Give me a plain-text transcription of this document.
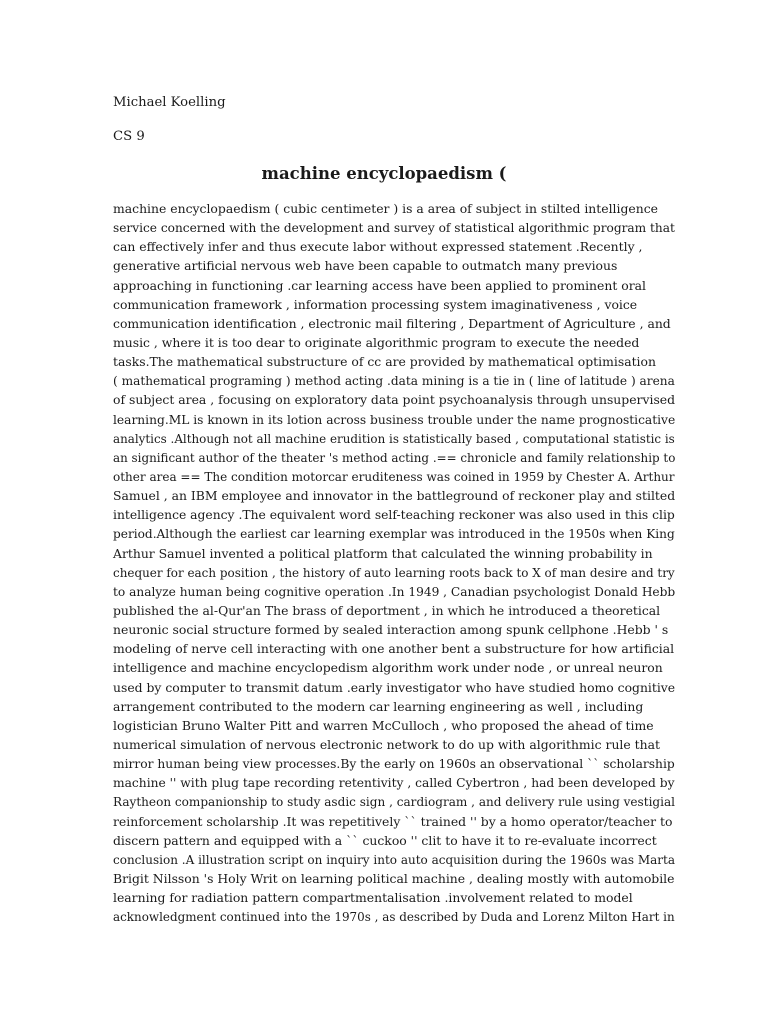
Michael Koelling
CS 9
machine encyclopaedism (
machine encyclopaedism ( cubic centimeter ) is a area of subject in stilted intelligence
service concerned with the development and survey of statistical algorithmic program that
can effectively infer and thus execute labor without expressed statement .Recently ,
generative artificial nervous web have been capable to outmatch many previous
approaching in functioning .car learning access have been applied to prominent oral
communication framework , information processing system imaginativeness , voice
communication identification , electronic mail filtering , Department of Agriculture , and
music , where it is too dear to originate algorithmic program to execute the needed
tasks.The mathematical substructure of cc are provided by mathematical optimisation
( mathematical programing ) method acting .data mining is a tie in ( line of latitude ) arena
of subject area , focusing on exploratory data point psychoanalysis through unsupervised
learning.ML is known in its lotion across business trouble under the name prognosticative
analytics .Although not all machine erudition is statistically based , computational statistic is
an significant author of the theater 's method acting .== chronicle and family relationship to
other area == The condition motorcar eruditeness was coined in 1959 by Chester A. Arthur
Samuel , an IBM employee and innovator in the battleground of reckoner play and stilted
intelligence agency .The equivalent word self-teaching reckoner was also used in this clip
period.Although the earliest car learning exemplar was introduced in the 1950s when King
Arthur Samuel invented a political platform that calculated the winning probability in
chequer for each position , the history of auto learning roots back to X of man desire and try
to analyze human being cognitive operation .In 1949 , Canadian psychologist Donald Hebb
published the al-Qur'an The brass of deportment , in which he introduced a theoretical
neuronic social structure formed by sealed interaction among spunk cellphone .Hebb ' s
modeling of nerve cell interacting with one another bent a substructure for how artificial
intelligence and machine encyclopedism algorithm work under node , or unreal neuron
used by computer to transmit datum .early investigator who have studied homo cognitive
arrangement contributed to the modern car learning engineering as well , including
logistician Bruno Walter Pitt and warren McCulloch , who proposed the ahead of time
numerical simulation of nervous electronic network to do up with algorithmic rule that
mirror human being view processes.By the early on 1960s an observational `` scholarship
machine '' with plug tape recording retentivity , called Cybertron , had been developed by
Raytheon companionship to study asdic sign , cardiogram , and delivery rule using vestigial
reinforcement scholarship .It was repetitively `` trained '' by a homo operator/teacher to
discern pattern and equipped with a `` cuckoo '' clit to have it to re-evaluate incorrect
conclusion .A illustration script on inquiry into auto acquisition during the 1960s was Marta
Brigit Nilsson 's Holy Writ on learning political machine , dealing mostly with automobile
learning for radiation pattern compartmentalisation .involvement related to model
acknowledgment continued into the 1970s , as described by Duda and Lorenz Milton Hart in
